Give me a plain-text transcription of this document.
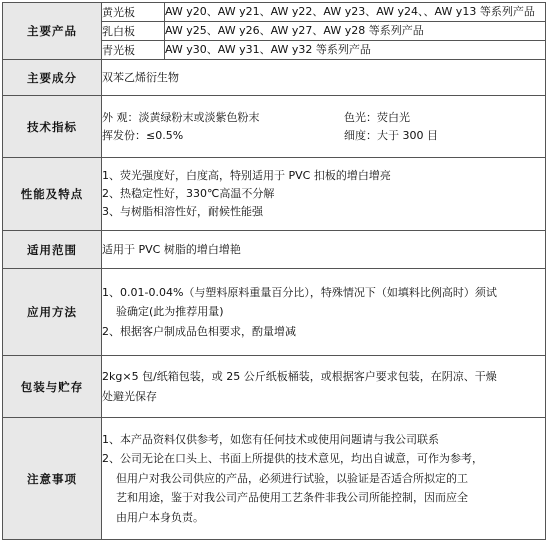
主要产品	黄光板	AW y20、AW y21、AW y22、AW y23、AW y24、、AW y13 等系列产品
	乳白板	AW y25、AW y26、AW y27、AW y28 等系列产品
	青光板	AW y30、AW y31、AW y32 等系列产品
主要成分	双苯乙烯衍生物	
技术指标	外 观：淡黄绿粉末或淡紫色粉末 色光：荧白光
挥发份：≤0.5% 细度：大于 300 目	

性能及特点	1、荧光强度好，白度高，特别适用于 PVC 扣板的增白增亮
2、热稳定性好，330℃高温不分解
3、与树脂相溶性好，耐候性能强	

适用范围	适用于 PVC 树脂的增白增艳	
应用方法	1、0.01-0.04%（与塑料原料重量百分比），特殊情况下（如填料比例高时）须试
验确定(此为推荐用量)
2、根据客户制成品色相要求，酌量增减	

包装与贮存	2kg×5 包/纸箱包装，或 25 公斤纸板桶装，或根据客户要求包装，在阴凉、干燥
处避光保存	

注意事项	1、本产品资料仅供参考，如您有任何技术或使用问题请与我公司联系
2、公司无论在口头上、书面上所提供的技术意见，均出自诚意，可作为参考，
但用户对我公司供应的产品，必须进行试验，以验证是否适合所拟定的工
艺和用途，鉴于对我公司产品使用工艺条件非我公司所能控制，因而应全
由用户本身负责。	
